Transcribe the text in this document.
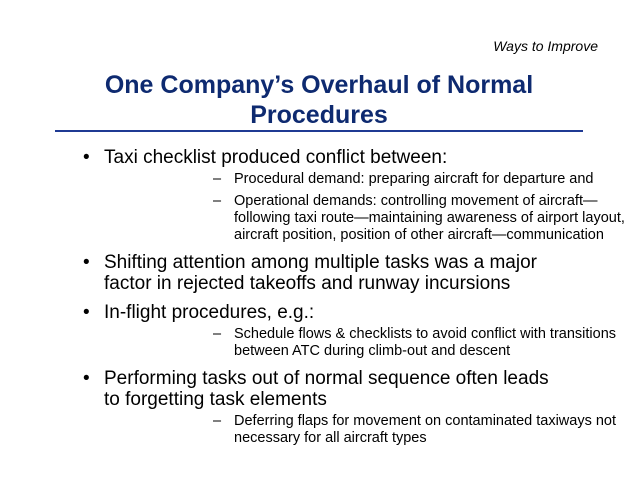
Ways to Improve
One Company’s Overhaul of Normal
Procedures
• Taxi checklist produced conflict between:
– Procedural demand: preparing aircraft for departure and
– Operational demands: controlling movement of aircraft—
following taxi route—maintaining awareness of airport layout,
aircraft position, position of other aircraft—communication
• Shifting attention among multiple tasks was a major
factor in rejected takeoffs and runway incursions
• In-flight procedures, e.g.:
– Schedule flows & checklists to avoid conflict with transitions
between ATC during climb-out and descent
• Performing tasks out of normal sequence often leads
to forgetting task elements
– Deferring flaps for movement on contaminated taxiways not
necessary for all aircraft types
